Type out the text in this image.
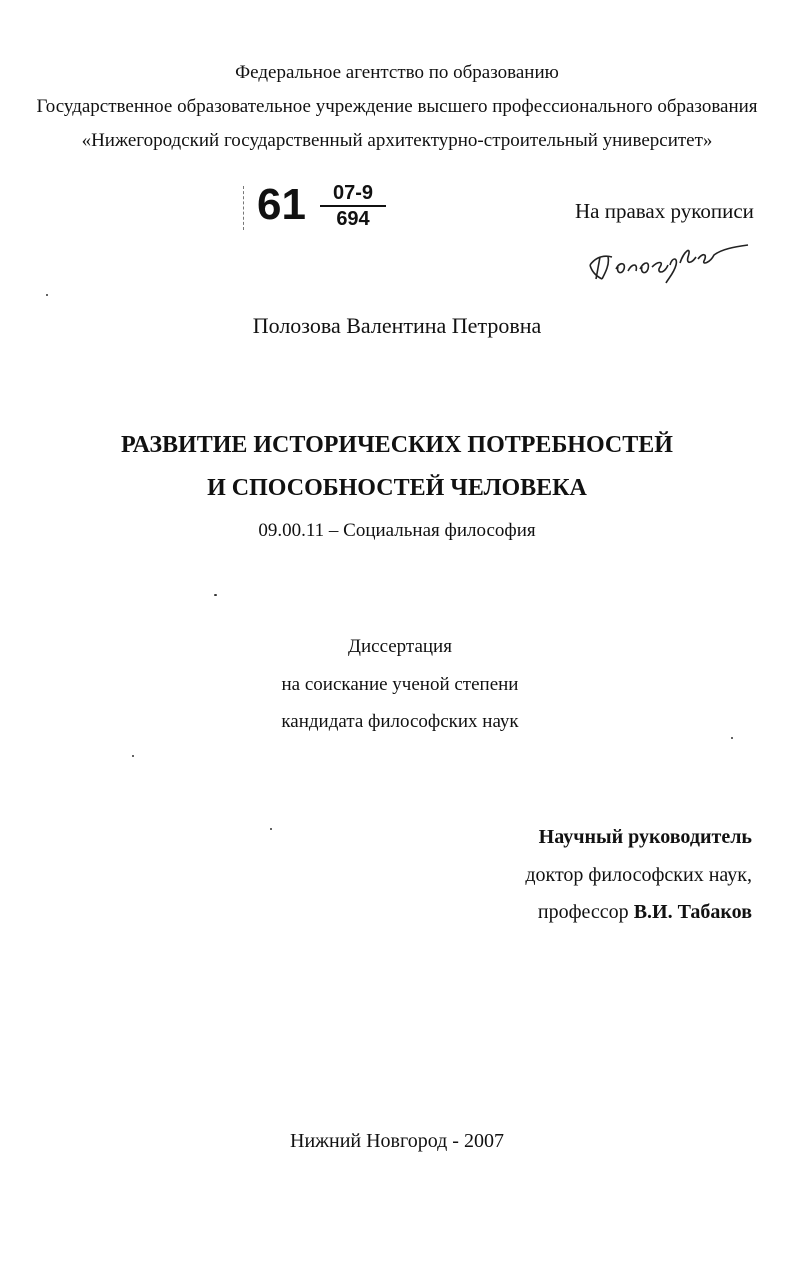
Федеральное агентство по образованию
Государственное образовательное учреждение высшего профессионального образования
«Нижегородский государственный архитектурно-строительный университет»
61	07-9
694	На правах рукописи
Полозова Валентина Петровна
РАЗВИТИЕ ИСТОРИЧЕСКИХ ПОТРЕБНОСТЕЙ
И СПОСОБНОСТЕЙ ЧЕЛОВЕКА
09.00.11 – Социальная философия
Диссертация
на соискание ученой степени
кандидата философских наук
Научный руководитель
доктор философских наук,
профессор В.И. Табаков
Нижний Новгород - 2007
